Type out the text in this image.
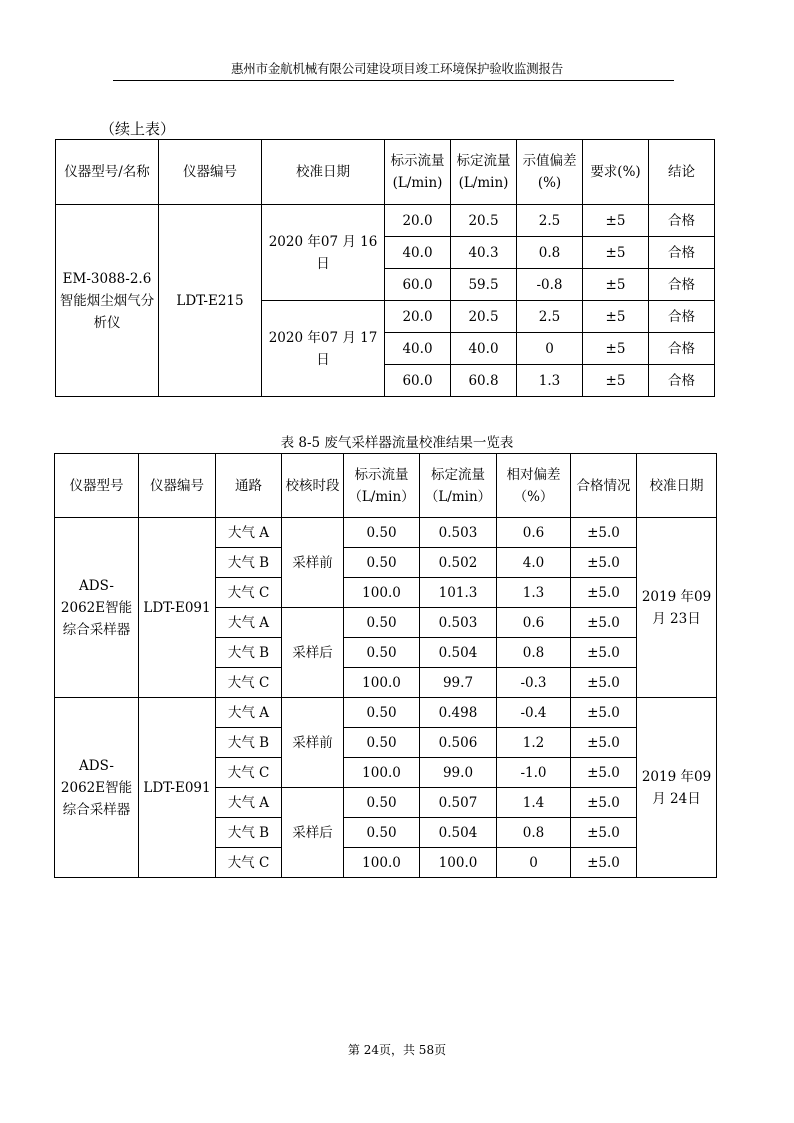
惠州市金航机械有限公司建设项目竣工环境保护验收监测报告
（续上表）
仪器型号/名称	仪器编号	校准日期	标示流量(L/min)	标定流量(L/min)	示值偏差(%)	要求(%)	结论
EM-3088-2.6智能烟尘烟气分析仪	LDT-E215	2020 年07 月 16 日	20.0	20.5	2.5	±5	合格
			40.0	40.3	0.8	±5	合格
			60.0	59.5	-0.8	±5	合格
		2020 年07 月 17 日	20.0	20.5	2.5	±5	合格
			40.0	40.0	0	±5	合格
			60.0	60.8	1.3	±5	合格
表 8-5 废气采样器流量校准结果一览表
仪器型号	仪器编号	通路	校核时段	标示流量（L/min）	标定流量（L/min）	相对偏差（%）	合格情况	校准日期
ADS-2062E智能综合采样器	LDT-E091	大气 A	采样前	0.50	0.503	0.6	±5.0	2019 年09 月 23日
		大气 B		0.50	0.502	4.0	±5.0	
		大气 C		100.0	101.3	1.3	±5.0	
		大气 A	采样后	0.50	0.503	0.6	±5.0	
		大气 B		0.50	0.504	0.8	±5.0	
		大气 C		100.0	99.7	-0.3	±5.0	
ADS-2062E智能综合采样器	LDT-E091	大气 A	采样前	0.50	0.498	-0.4	±5.0	2019 年09 月 24日
		大气 B		0.50	0.506	1.2	±5.0	
		大气 C		100.0	99.0	-1.0	±5.0	
		大气 A	采样后	0.50	0.507	1.4	±5.0	
		大气 B		0.50	0.504	0.8	±5.0	
		大气 C		100.0	100.0	0	±5.0	
第 24页，共 58页
